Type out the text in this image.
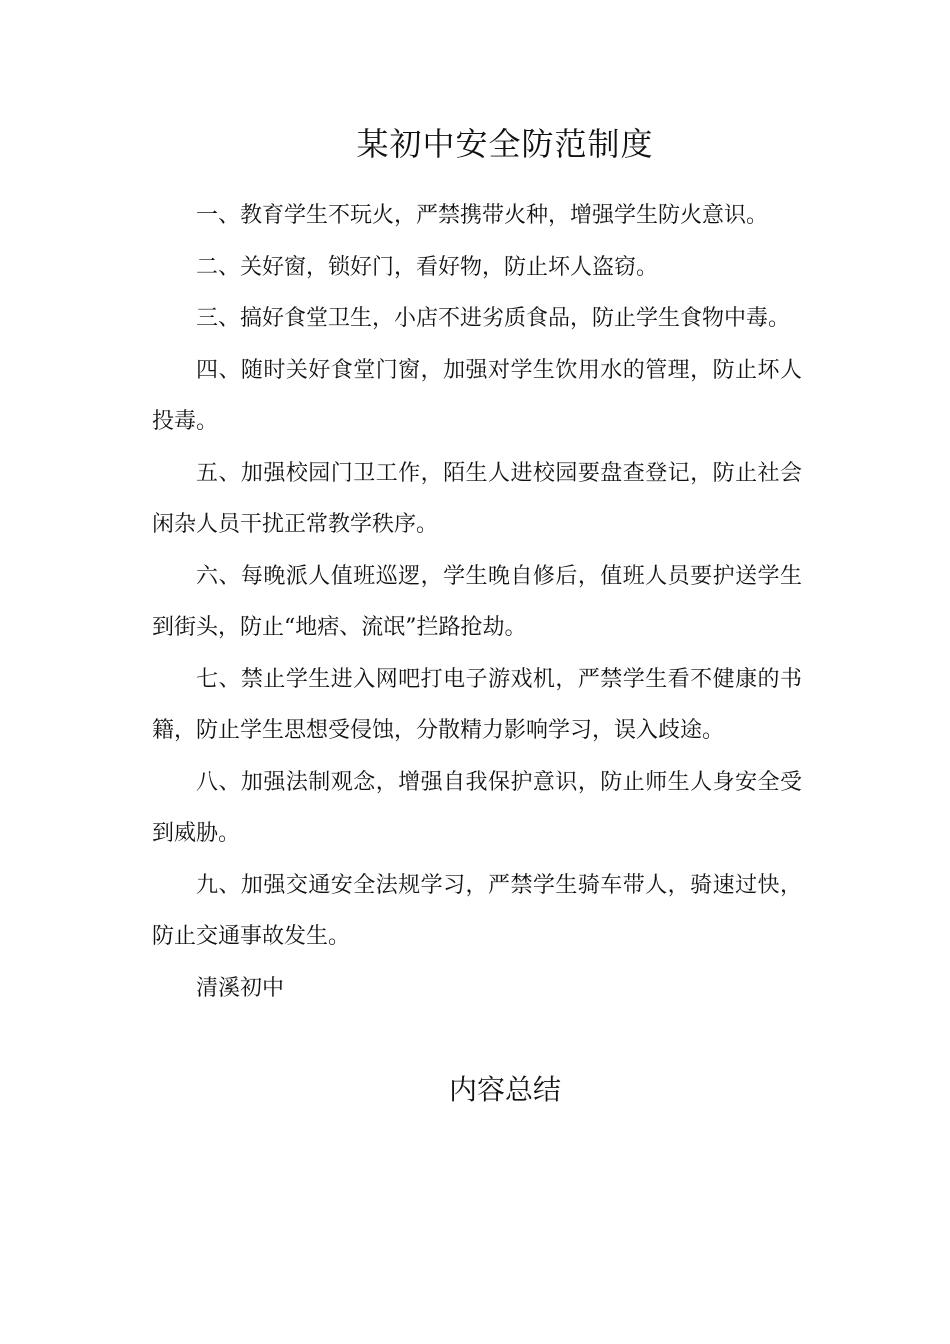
某初中安全防范制度

一、教育学生不玩火，严禁携带火种，增强学生防火意识。

二、关好窗，锁好门，看好物，防止坏人盗窃。

三、搞好食堂卫生，小店不进劣质食品，防止学生食物中毒。

四、随时关好食堂门窗，加强对学生饮用水的管理，防止坏人投毒。

五、加强校园门卫工作，陌生人进校园要盘查登记，防止社会闲杂人员干扰正常教学秩序。

六、每晚派人值班巡逻，学生晚自修后，值班人员要护送学生到街头，防止“地痞、流氓”拦路抢劫。

七、禁止学生进入网吧打电子游戏机，严禁学生看不健康的书籍，防止学生思想受侵蚀，分散精力影响学习，误入歧途。

八、加强法制观念，增强自我保护意识，防止师生人身安全受到威胁。

九、加强交通安全法规学习，严禁学生骑车带人，骑速过快，防止交通事故发生。

清溪初中

内容总结
